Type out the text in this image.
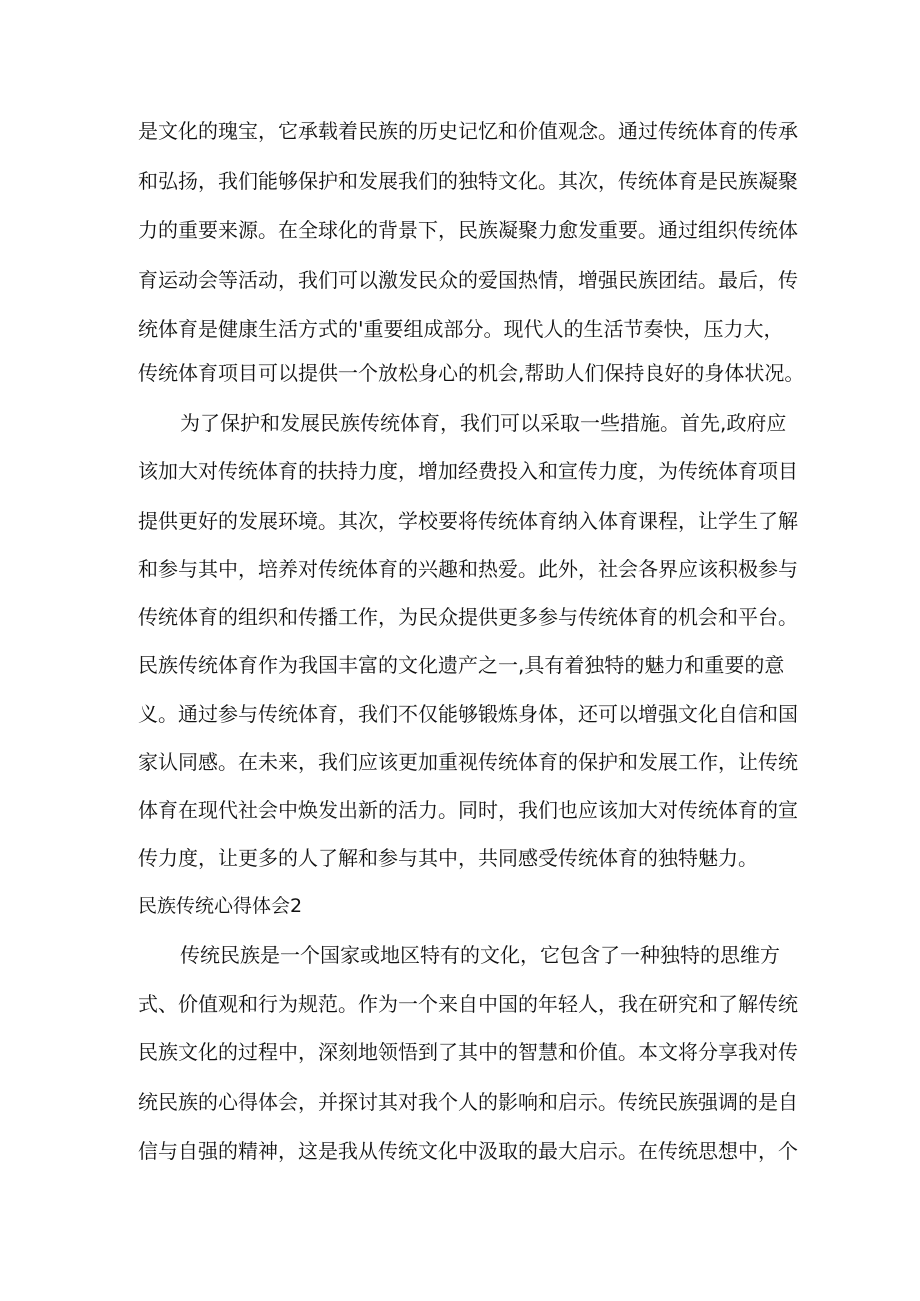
是文化的瑰宝，它承载着民族的历史记忆和价值观念。通过传统体育的传承
和弘扬，我们能够保护和发展我们的独特文化。其次，传统体育是民族凝聚
力的重要来源。在全球化的背景下，民族凝聚力愈发重要。通过组织传统体
育运动会等活动，我们可以激发民众的爱国热情，增强民族团结。最后，传
统体育是健康生活方式的'重要组成部分。现代人的生活节奏快，压力大，
传统体育项目可以提供一个放松身心的机会,帮助人们保持良好的身体状况。
为了保护和发展民族传统体育，我们可以采取一些措施。首先,政府应
该加大对传统体育的扶持力度，增加经费投入和宣传力度，为传统体育项目
提供更好的发展环境。其次，学校要将传统体育纳入体育课程，让学生了解
和参与其中，培养对传统体育的兴趣和热爱。此外，社会各界应该积极参与
传统体育的组织和传播工作，为民众提供更多参与传统体育的机会和平台。
民族传统体育作为我国丰富的文化遗产之一,具有着独特的魅力和重要的意
义。通过参与传统体育，我们不仅能够锻炼身体，还可以增强文化自信和国
家认同感。在未来，我们应该更加重视传统体育的保护和发展工作，让传统
体育在现代社会中焕发出新的活力。同时，我们也应该加大对传统体育的宣
传力度，让更多的人了解和参与其中，共同感受传统体育的独特魅力。
民族传统心得体会2
传统民族是一个国家或地区特有的文化，它包含了一种独特的思维方
式、价值观和行为规范。作为一个来自中国的年轻人，我在研究和了解传统
民族文化的过程中，深刻地领悟到了其中的智慧和价值。本文将分享我对传
统民族的心得体会，并探讨其对我个人的影响和启示。传统民族强调的是自
信与自强的精神，这是我从传统文化中汲取的最大启示。在传统思想中，个
